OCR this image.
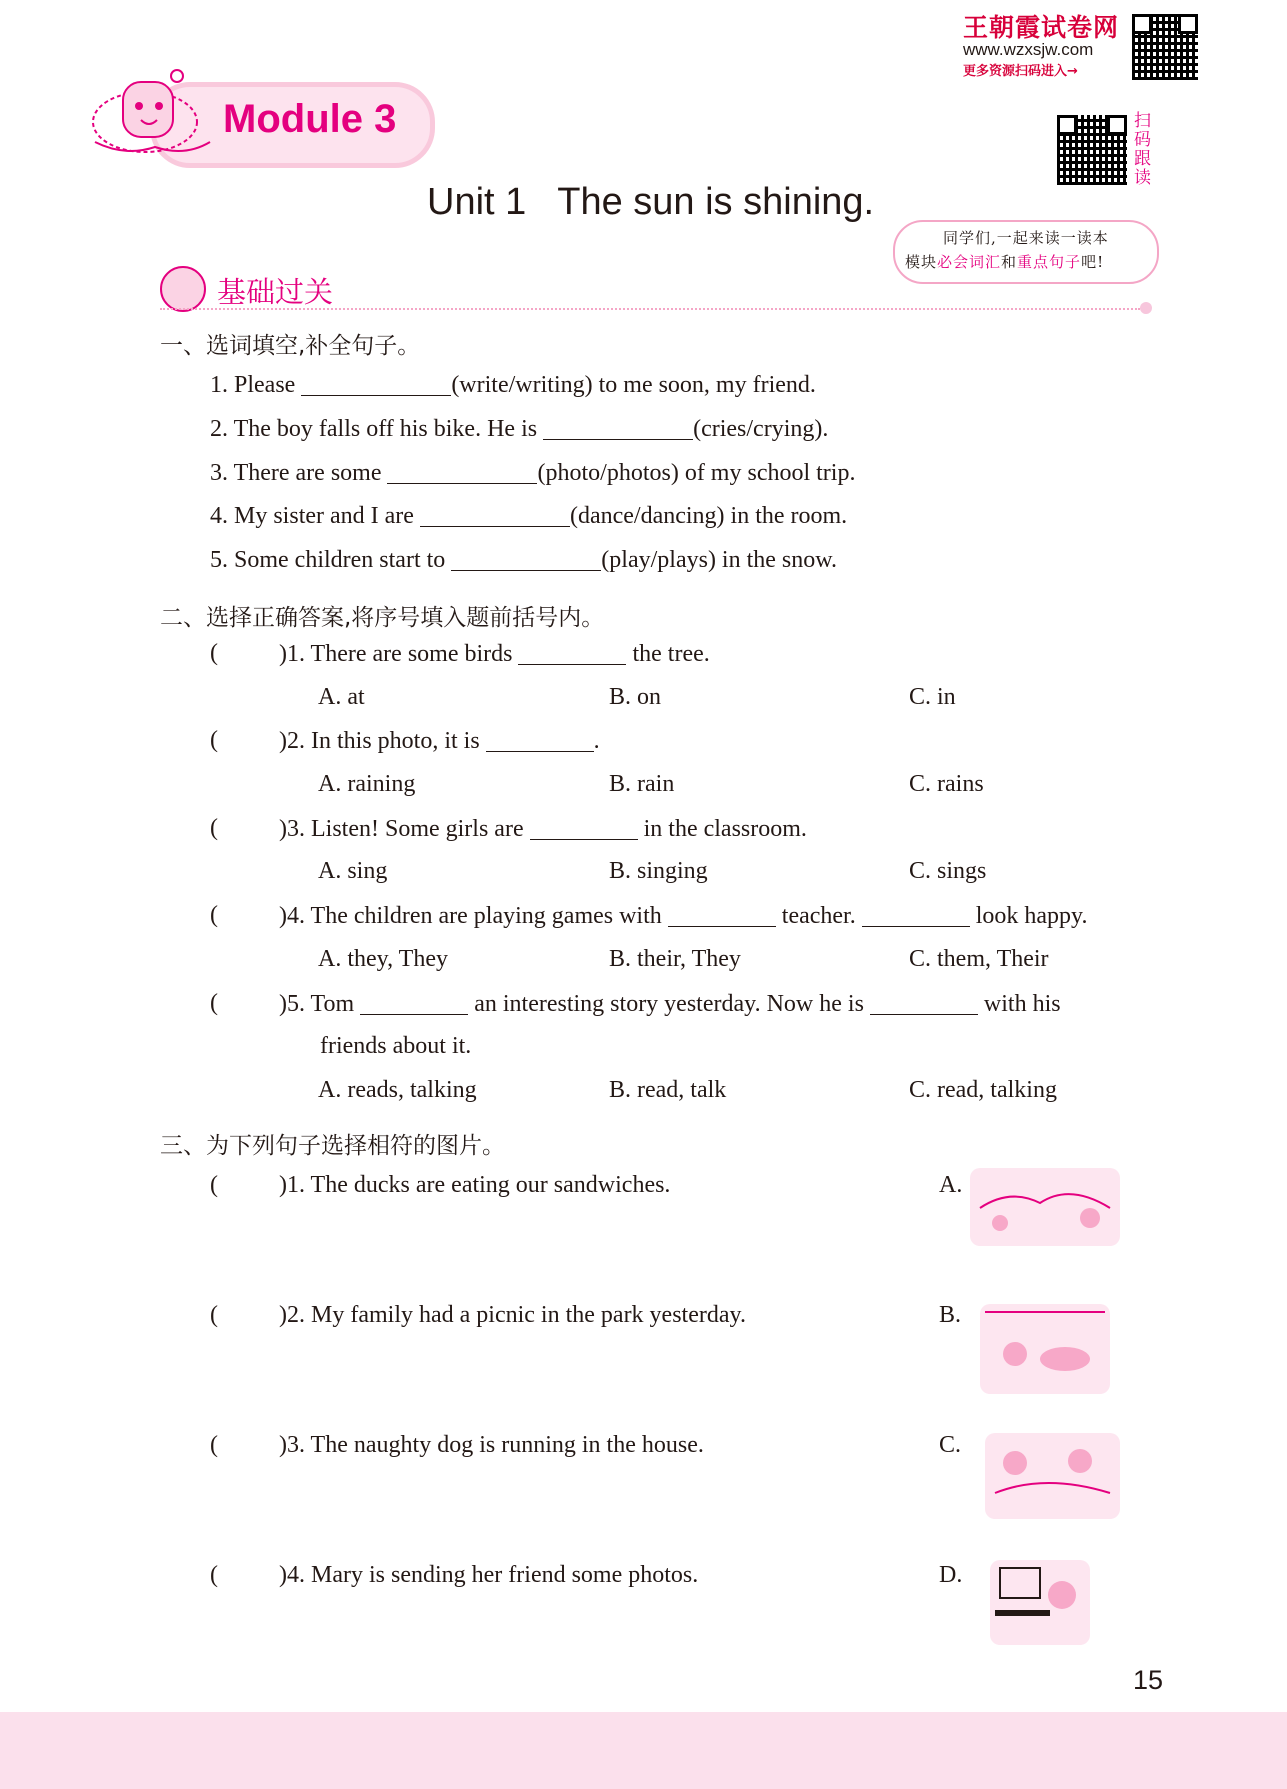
王朝霞试卷网
www.wzxsjw.com
更多资源扫码进入→
Module 3	扫码跟读
Unit 1   The sun is shining.
同学们,一起来读一读本
模块必会词汇和重点句子吧!
基础过关
一、选词填空,补全句子。
1. Please	(write/writing) to me soon, my friend.
2. The boy falls off his bike. He is	(cries/crying).
3. There are some	(photo/photos) of my school trip.
4. My sister and I are	(dance/dancing) in the room.
5. Some children start to	(play/plays) in the snow.
二、选择正确答案,将序号填入题前括号内。
(	)1. There are some birds	the tree.
A. at	B. on	C. in
(	)2. In this photo, it is	.
A. raining	B. rain	C. rains
(	)3. Listen! Some girls are	in the classroom.
A. sing	B. singing	C. sings
(	)4. The children are playing games with	teacher.	look happy.
A. they, They	B. their, They	C. them, Their
(	)5. Tom	an interesting story yesterday. Now he is	with his
friends about it.
A. reads, talking	B. read, talk	C. read, talking
三、为下列句子选择相符的图片。
(	)1. The ducks are eating our sandwiches.	A.
(	)2. My family had a picnic in the park yesterday.	B.
(	)3. The naughty dog is running in the house.	C.
(	)4. Mary is sending her friend some photos.	D.
15
